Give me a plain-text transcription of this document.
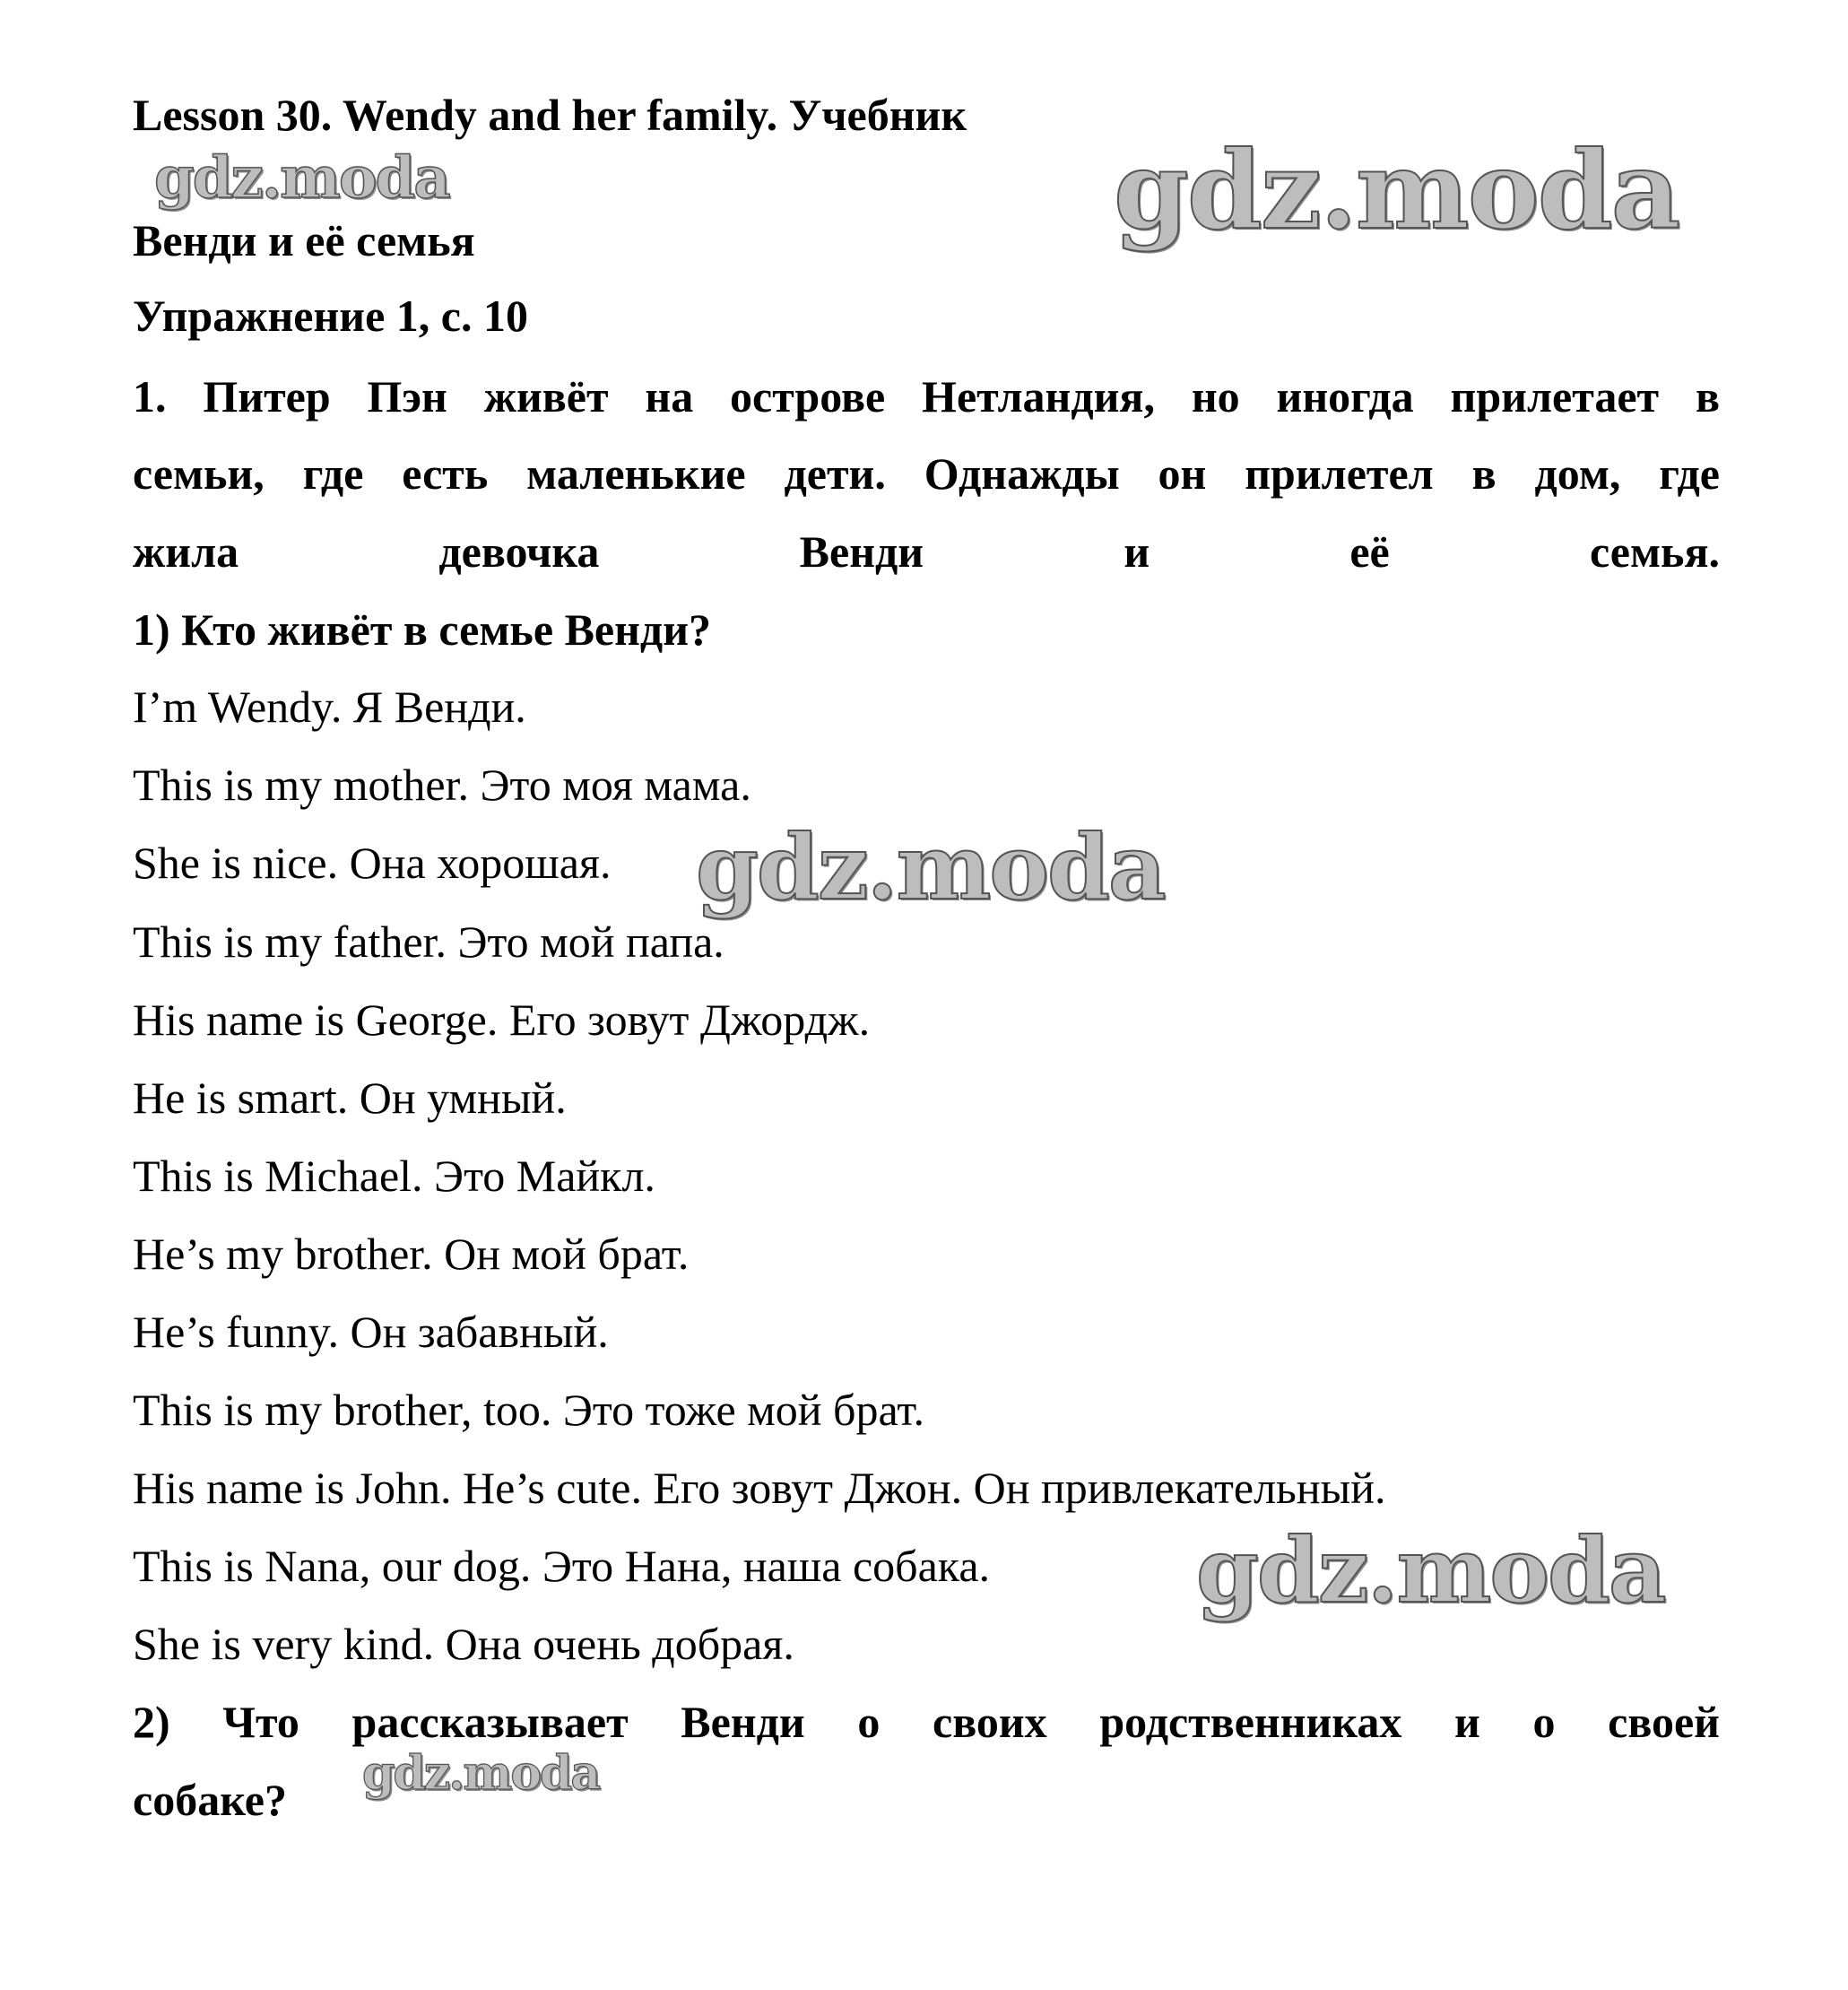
Lesson 30. Wendy and her family. Учебник
Венди и её семья
Упражнение 1, с. 10
1. Питер Пэн живёт на острове Нетландия, но иногда прилетает в
семьи, где есть маленькие дети. Однажды он прилетел в дом, где
жила девочка Венди и её семья.
1) Кто живёт в семье Венди?
I’m Wendy. Я Венди.
This is my mother. Это моя мама.
She is nice. Она хорошая.
This is my father. Это мой папа.
His name is George. Его зовут Джордж.
He is smart. Он умный.
This is Michael. Это Майкл.
He’s my brother. Он мой брат.
He’s funny. Он забавный.
This is my brother, too. Это тоже мой брат.
His name is John. He’s cute. Его зовут Джон. Он привлекательный.
This is Nana, our dog. Это Нана, наша собака.
She is very kind. Она очень добрая.
2) Что рассказывает Венди о своих родственниках и о своей
собаке?
gdz.moda	gdz.moda
gdz.moda
gdz.moda
gdz.moda
